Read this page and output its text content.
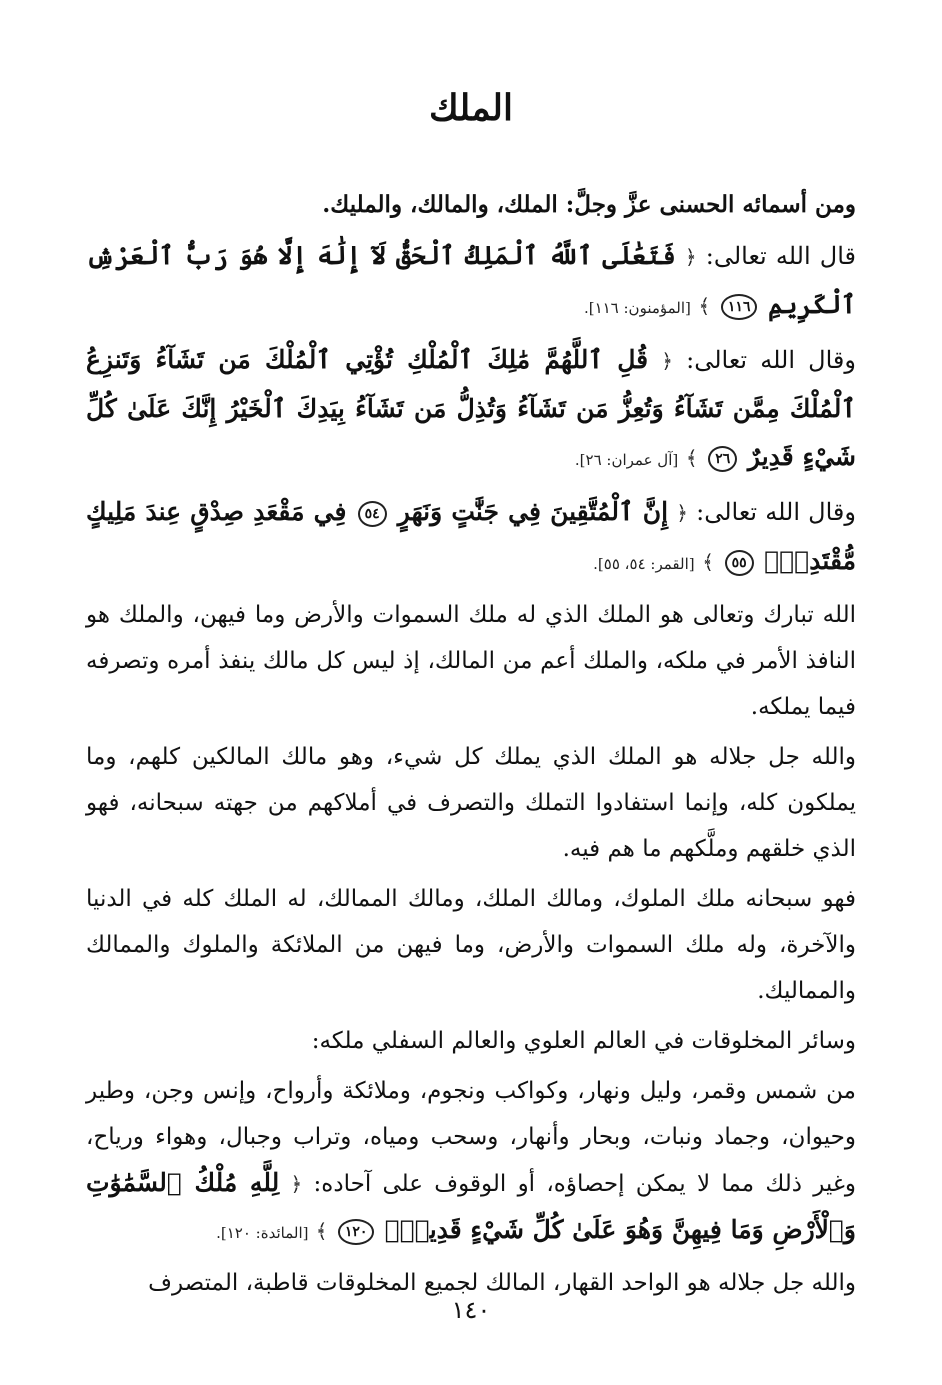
الملك

ومن أسمائه الحسنى عزَّ وجلَّ: الملك، والمالك، والمليك.

قال الله تعالى: ﴿ فَتَعَٰلَى ٱللَّهُ ٱلْمَلِكُ ٱلْحَقُّ لَآ إِلَٰهَ إِلَّا هُوَ رَبُّ ٱلْعَرْشِ ٱلْكَرِيمِ ١١٦ ﴾ [المؤمنون: ١١٦].

وقال الله تعالى: ﴿ قُلِ ٱللَّهُمَّ مَٰلِكَ ٱلْمُلْكِ تُؤْتِي ٱلْمُلْكَ مَن تَشَآءُ وَتَنزِعُ ٱلْمُلْكَ مِمَّن تَشَآءُ وَتُعِزُّ مَن تَشَآءُ وَتُذِلُّ مَن تَشَآءُ بِيَدِكَ ٱلْخَيْرُ إِنَّكَ عَلَىٰ كُلِّ شَيْءٍ قَدِيرٌ ٢٦ ﴾ [آل عمران: ٢٦].

وقال الله تعالى: ﴿ إِنَّ ٱلْمُتَّقِينَ فِي جَنَّٰتٍ وَنَهَرٍ ٥٤ فِي مَقْعَدِ صِدْقٍ عِندَ مَلِيكٍ مُّقْتَدِرٍۭ ٥٥ ﴾ [القمر: ٥٤، ٥٥].

الله تبارك وتعالى هو الملك الذي له ملك السموات والأرض وما فيهن، والملك هو النافذ الأمر في ملكه، والملك أعم من المالك، إذ ليس كل مالك ينفذ أمره وتصرفه فيما يملكه.

والله جل جلاله هو الملك الذي يملك كل شيء، وهو مالك المالكين كلهم، وما يملكون كله، وإنما استفادوا التملك والتصرف في أملاكهم من جهته سبحانه، فهو الذي خلقهم وملَّكهم ما هم فيه.

فهو سبحانه ملك الملوك، ومالك الملك، ومالك الممالك، له الملك كله في الدنيا والآخرة، وله ملك السموات والأرض، وما فيهن من الملائكة والملوك والممالك والمماليك.

وسائر المخلوقات في العالم العلوي والعالم السفلي ملكه:

من شمس وقمر، وليل ونهار، وكواكب ونجوم، وملائكة وأرواح، وإنس وجن، وطير وحيوان، وجماد ونبات، وبحار وأنهار، وسحب ومياه، وتراب وجبال، وهواء ورياح، وغير ذلك مما لا يمكن إحصاؤه، أو الوقوف على آحاده: ﴿ لِلَّهِ مُلْكُ ٱلسَّمَٰوَٰتِ وَٱلْأَرْضِ وَمَا فِيهِنَّ وَهُوَ عَلَىٰ كُلِّ شَيْءٍ قَدِيرٌۢ ١٢٠ ﴾ [المائدة: ١٢٠].

والله جل جلاله هو الواحد القهار، المالك لجميع المخلوقات قاطبة، المتصرف

١٤٠
